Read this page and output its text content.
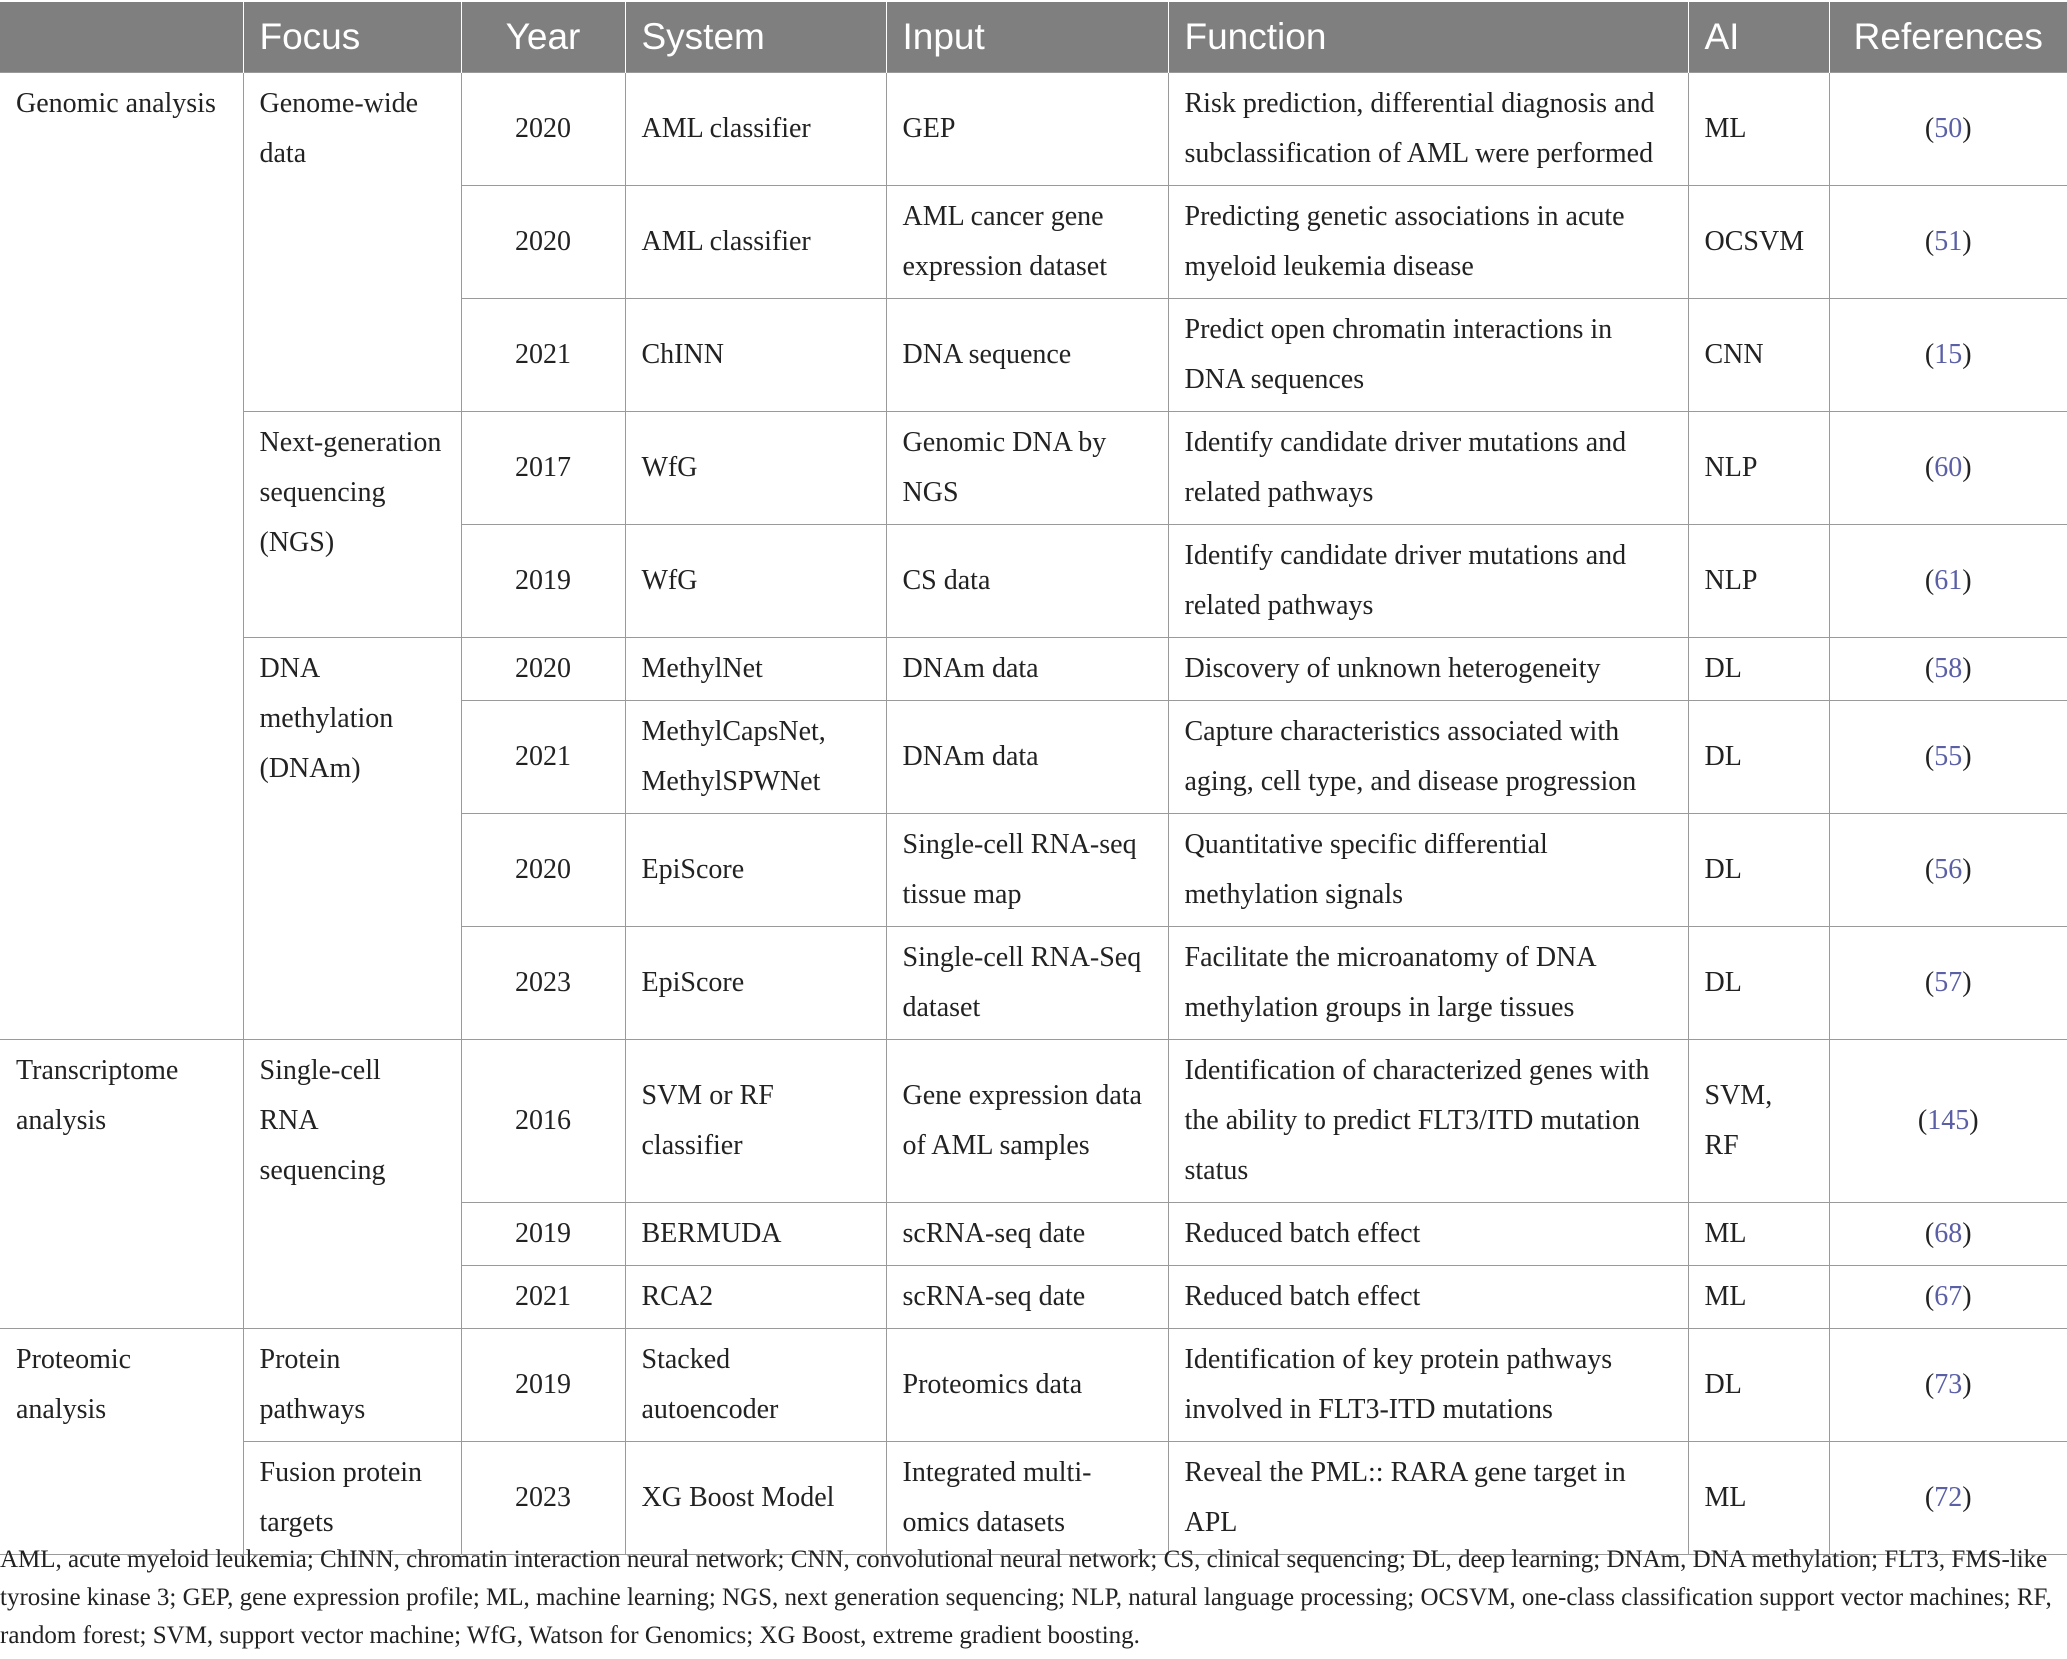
	Focus	Year	System	Input	Function	AI	References
Genomic analysis	Genome-wide data	2020	AML classifier	GEP	Risk prediction, differential diagnosis and subclassification of AML were performed	ML	(50)
		2020	AML classifier	AML cancer gene expression dataset	Predicting genetic associations in acute myeloid leukemia disease	OCSVM	(51)
		2021	ChINN	DNA sequence	Predict open chromatin interactions in DNA sequences	CNN	(15)
	Next-generation sequencing (NGS)	2017	WfG	Genomic DNA by NGS	Identify candidate driver mutations and related pathways	NLP	(60)
		2019	WfG	CS data	Identify candidate driver mutations and related pathways	NLP	(61)
	DNA methylation (DNAm)	2020	MethylNet	DNAm data	Discovery of unknown heterogeneity	DL	(58)
		2021	MethylCapsNet, MethylSPWNet	DNAm data	Capture characteristics associated with aging, cell type, and disease progression	DL	(55)
		2020	EpiScore	Single-cell RNA-seq tissue map	Quantitative specific differential methylation signals	DL	(56)
		2023	EpiScore	Single-cell RNA-Seq dataset	Facilitate the microanatomy of DNA methylation groups in large tissues	DL	(57)
Transcriptome analysis	Single-cell RNA sequencing	2016	SVM or RF classifier	Gene expression data of AML samples	Identification of characterized genes with the ability to predict FLT3/ITD mutation status	SVM, RF	(145)
		2019	BERMUDA	scRNA-seq date	Reduced batch effect	ML	(68)
		2021	RCA2	scRNA-seq date	Reduced batch effect	ML	(67)
Proteomic analysis	Protein pathways	2019	Stacked autoencoder	Proteomics data	Identification of key protein pathways involved in FLT3-ITD mutations	DL	(73)
	Fusion protein targets	2023	XG Boost Model	Integrated multi-omics datasets	Reveal the PML:: RARA gene target in APL	ML	(72)
AML, acute myeloid leukemia; ChINN, chromatin interaction neural network; CNN, convolutional neural network; CS, clinical sequencing; DL, deep learning; DNAm, DNA methylation; FLT3, FMS-like tyrosine kinase 3; GEP, gene expression profile; ML, machine learning; NGS, next generation sequencing; NLP, natural language processing; OCSVM, one-class classification support vector machines; RF, random forest; SVM, support vector machine; WfG, Watson for Genomics; XG Boost, extreme gradient boosting.
